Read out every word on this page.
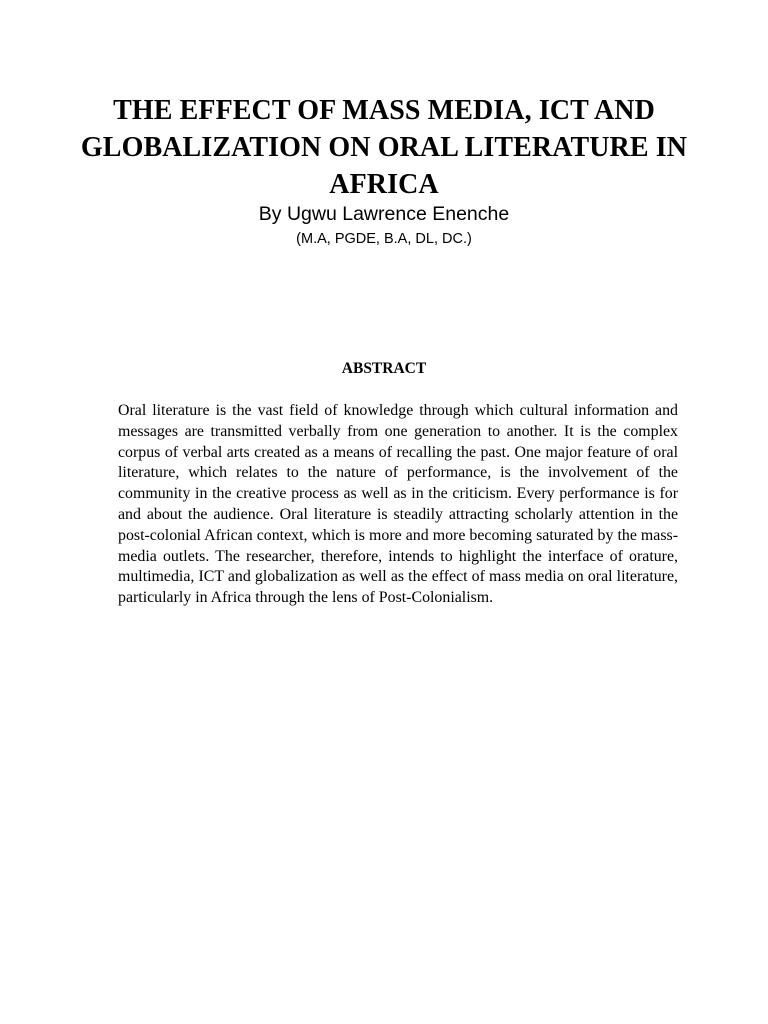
THE EFFECT OF MASS MEDIA, ICT AND GLOBALIZATION ON ORAL LITERATURE IN AFRICA

By Ugwu Lawrence Enenche

(M.A, PGDE, B.A, DL, DC.)

ABSTRACT

Oral literature is the vast field of knowledge through which cultural information and messages are transmitted verbally from one generation to another. It is the complex corpus of verbal arts created as a means of recalling the past. One major feature of oral literature, which relates to the nature of performance, is the involvement of the community in the creative process as well as in the criticism. Every performance is for and about the audience. Oral literature is steadily attracting scholarly attention in the post-colonial African context, which is more and more becoming saturated by the mass-media outlets. The researcher, therefore, intends to highlight the interface of orature, multimedia, ICT and globalization as well as the effect of mass media on oral literature, particularly in Africa through the lens of Post-Colonialism.
